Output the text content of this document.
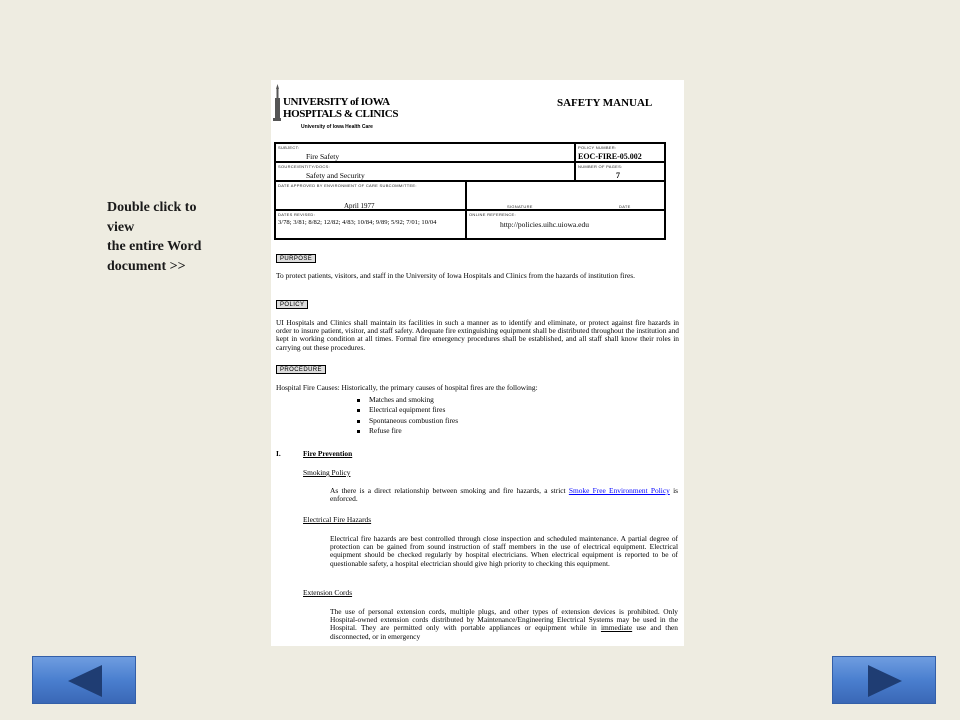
Double click to
view
the entire Word
document >>
UNIVERSITY of IOWA
HOSPITALS & CLINICS
University of Iowa Health Care
SAFETY MANUAL
SUBJECT:
Fire Safety
POLICY NUMBER:
EOC-FIRE-05.002
SOURCE/ENTITY/DOCS:
Safety and Security
NUMBER OF PAGES:
7
DATE APPROVED BY ENVIRONMENT OF CARE SUBCOMMITTEE:
April 1977	SIGNATURE	DATE
DATES REVISED:
3/78; 3/81; 8/82; 12/82; 4/83; 10/84; 9/89; 5/92; 7/01; 10/04
ONLINE REFERENCE:
http://policies.uihc.uiowa.edu
PURPOSE
To protect patients, visitors, and staff in the University of Iowa Hospitals and Clinics from the hazards of institution fires.
POLICY
UI Hospitals and Clinics shall maintain its facilities in such a manner as to identify and eliminate, or protect against fire hazards in order to insure patient, visitor, and staff safety. Adequate fire extinguishing equipment shall be distributed throughout the institution and kept in working condition at all times. Formal fire emergency procedures shall be established, and all staff shall know their roles in carrying out these procedures.
PROCEDURE
Hospital Fire Causes: Historically, the primary causes of hospital fires are the following:
Matches and smoking
Electrical equipment fires
Spontaneous combustion fires
Refuse fire
I.	Fire Prevention
Smoking Policy
As there is a direct relationship between smoking and fire hazards, a strict Smoke Free Environment Policy is enforced.
Electrical Fire Hazards
Electrical fire hazards are best controlled through close inspection and scheduled maintenance. A partial degree of protection can be gained from sound instruction of staff members in the use of electrical equipment. Electrical equipment should be checked regularly by hospital electricians. When electrical equipment is reported to be of questionable safety, a hospital electrician should give high priority to checking this equipment.
Extension Cords
The use of personal extension cords, multiple plugs, and other types of extension devices is prohibited. Only Hospital-owned extension cords distributed by Maintenance/Engineering Electrical Systems may be used in the Hospital. They are permitted only with portable appliances or equipment while in immediate use and then disconnected, or in emergency
